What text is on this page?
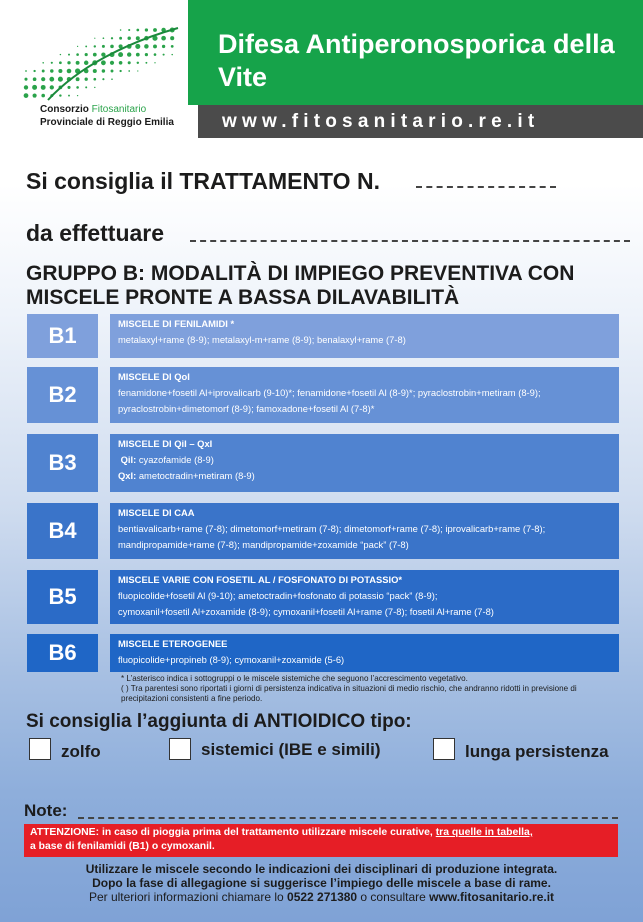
Consorzio Fitosanitario
Provinciale di Reggio Emilia
Difesa Antiperonosporica della Vite
www.fitosanitario.re.it
Si consiglia il TRATTAMENTO N.
da effettuare
GRUPPO B: MODALITÀ DI IMPIEGO PREVENTIVA CON MISCELE PRONTE A BASSA DILAVABILITÀ
B1	MISCELE DI FENILAMIDI *
metalaxyl+rame (8-9); metalaxyl-m+rame (8-9); benalaxyl+rame (7-8)
B2
MISCELE DI QoI
fenamidone+fosetil Al+iprovalicarb (9-10)*; fenamidone+fosetil Al (8-9)*; pyraclostrobin+metiram (8-9);
pyraclostrobin+dimetomorf (8-9); famoxadone+fosetil Al (7-8)*
B3
MISCELE DI QiI – QxI
QiI: cyazofamide (8-9)
QxI: ametoctradin+metiram (8-9)
B4
MISCELE DI CAA
bentiavalicarb+rame (7-8); dimetomorf+metiram (7-8); dimetomorf+rame (7-8); iprovalicarb+rame (7-8);
mandipropamide+rame (7-8); mandipropamide+zoxamide “pack” (7-8)
B5
MISCELE VARIE CON FOSETIL AL / FOSFONATO DI POTASSIO*
fluopicolide+fosetil Al (9-10); ametoctradin+fosfonato di potassio “pack” (8-9);
cymoxanil+fosetil Al+zoxamide (8-9); cymoxanil+fosetil Al+rame (7-8); fosetil Al+rame (7-8)
B6	MISCELE ETEROGENEE
fluopicolide+propineb (8-9); cymoxanil+zoxamide (5-6)
* L’asterisco indica i sottogruppi o le miscele sistemiche che seguono l’accrescimento vegetativo.
( ) Tra parentesi sono riportati i giorni di persistenza indicativa in situazioni di medio rischio, che andranno ridotti in previsione di precipitazioni consistenti a fine periodo.
Si consiglia l’aggiunta di ANTIOIDICO tipo:
zolfo	sistemici (IBE e simili)	lunga persistenza
Note:
ATTENZIONE: in caso di pioggia prima del trattamento utilizzare miscele curative, tra quelle in tabella,
a base di fenilamidi (B1) o cymoxanil.
Utilizzare le miscele secondo le indicazioni dei disciplinari di produzione integrata.
Dopo la fase di allegagione si suggerisce l’impiego delle miscele a base di rame.
Per ulteriori informazioni chiamare lo 0522 271380 o consultare www.fitosanitario.re.it
